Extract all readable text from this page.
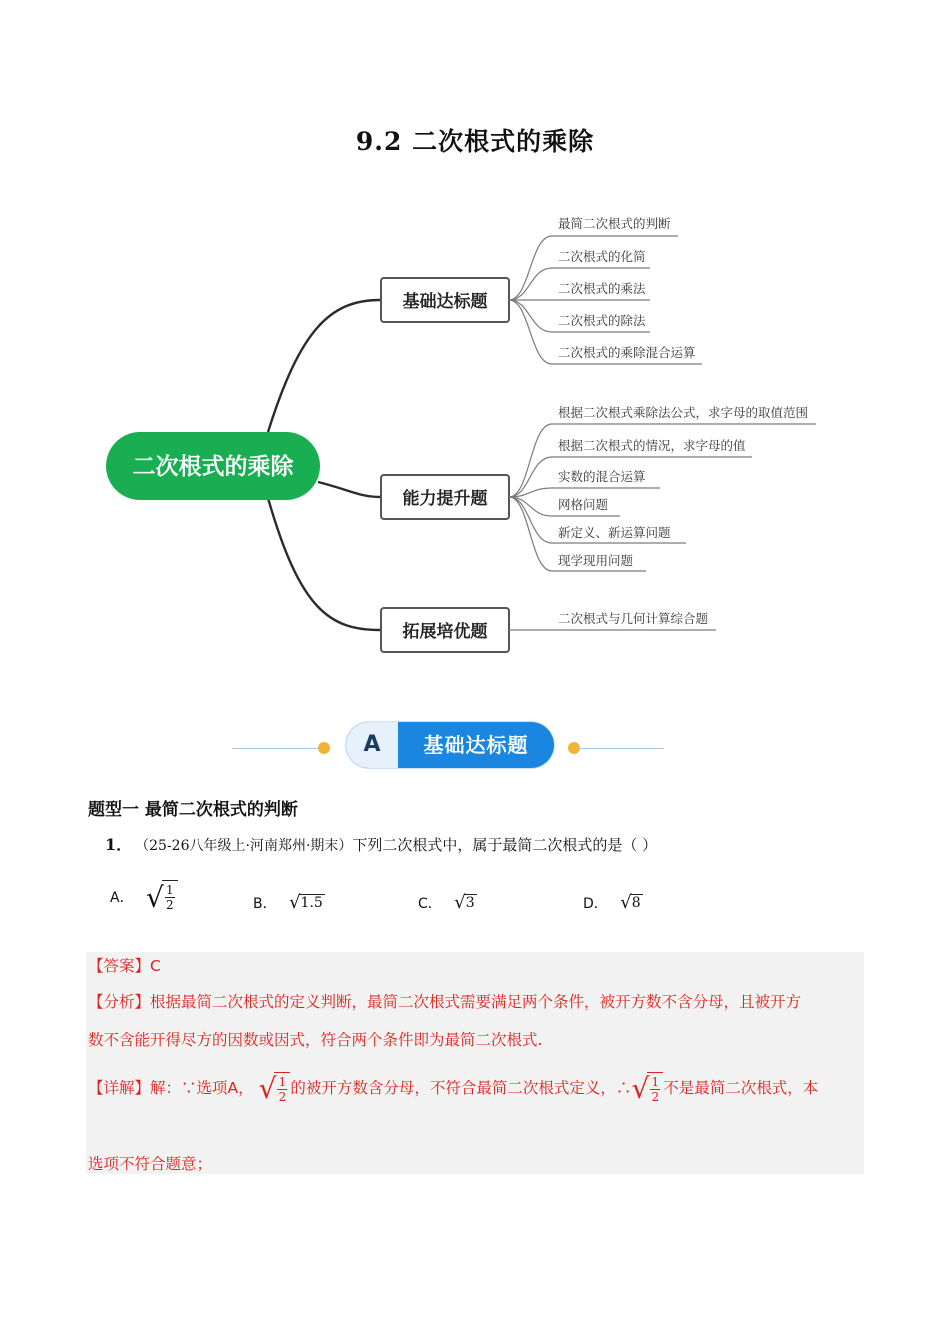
9.2 二次根式的乘除
二次根式的乘除
基础达标题
能力提升题
拓展培优题
最简二次根式的判断
二次根式的化简
二次根式的乘法
二次根式的除法
二次根式的乘除混合运算
根据二次根式乘除法公式，求字母的取值范围
根据二次根式的情况，求字母的值
实数的混合运算
网格问题
新定义、新运算问题
现学现用问题
二次根式与几何计算综合题
A	基础达标题
题型一 最简二次根式的判断
1． （25-26八年级上·河南郑州·期末）下列二次根式中，属于最简二次根式的是（ ）
A． √ $\frac{1}{2}$	B． √1.5	C． √3	D． √8
【答案】C
【分析】根据最简二次根式的定义判断，最简二次根式需要满足两个条件，被开方数不含分母，且被开方
数不含能开得尽方的因数或因式，符合两个条件即为最简二次根式.
【详解】解：∵选项A， √ $\frac{1}{2}$ 的被开方数含分母，不符合最简二次根式定义，∴√ $\frac{1}{2}$ 不是最简二次根式，本
选项不符合题意；
